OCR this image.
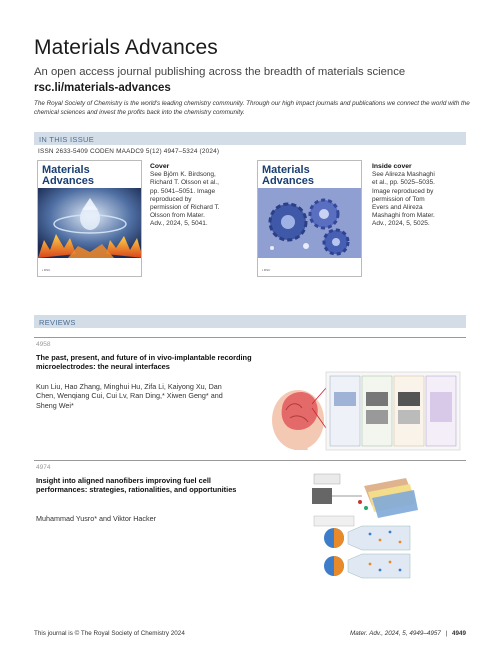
Materials Advances
An open access journal publishing across the breadth of materials science
rsc.li/materials-advances
The Royal Society of Chemistry is the world's leading chemistry community. Through our high impact journals and publications we connect the world with the chemical sciences and invest the profits back into the chemistry community.
IN THIS ISSUE
ISSN 2633-5409 CODEN MAADC9 5(12) 4947–5324 (2024)
Materials
Advances
▪ RSC
Cover
See Björn K. Birdsong, Richard T. Olsson et al., pp. 5041–5051. Image reproduced by permission of Richard T. Olsson from Mater. Adv., 2024, 5, 5041.
Materials
Advances
▪ RSC
Inside cover
See Alireza Mashaghi et al., pp. 5025–5035. Image reproduced by permission of Tom Evers and Alireza Mashaghi from Mater. Adv., 2024, 5, 5025.
REVIEWS
4958
The past, present, and future of in vivo-implantable recording microelectrodes: the neural interfaces
Kun Liu, Hao Zhang, Minghui Hu, Zifa Li, Kaiyong Xu, Dan Chen, Wenqiang Cui, Cui Lv, Ran Ding,* Xiwen Geng* and Sheng Wei*
4974
Insight into aligned nanofibers improving fuel cell performances: strategies, rationalities, and opportunities
Muhammad Yusro* and Viktor Hacker
This journal is © The Royal Society of Chemistry 2024	Mater. Adv., 2024, 5, 4949–4957 | 4949
